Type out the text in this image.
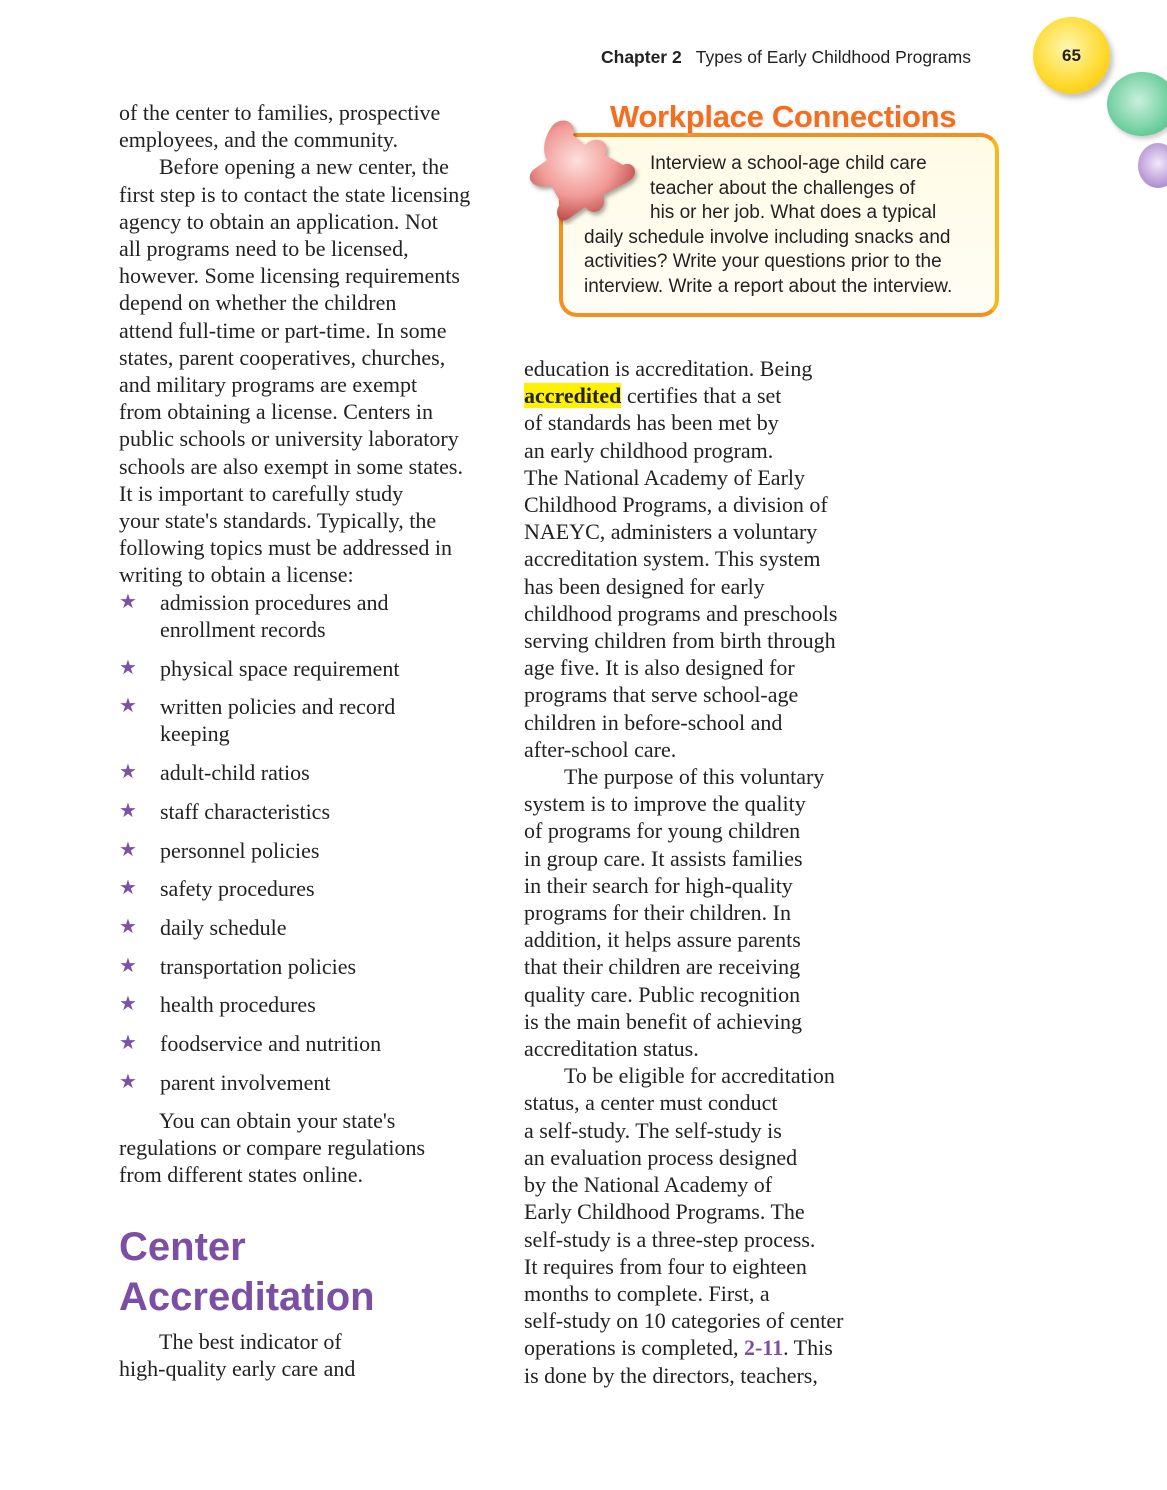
Chapter 2 Types of Early Childhood Programs	65
Workplace Connections
Interview a school-age child care
teacher about the challenges of
his or her job. What does a typical
daily schedule involve including snacks and
activities? Write your questions prior to the
interview. Write a report about the interview.
of the center to families, prospective
employees, and the community.
Before opening a new center, the
first step is to contact the state licensing
agency to obtain an application. Not
all programs need to be licensed,
however. Some licensing requirements
depend on whether the children
attend full-time or part-time. In some
states, parent cooperatives, churches,
and military programs are exempt
from obtaining a license. Centers in
public schools or university laboratory
schools are also exempt in some states.
It is important to carefully study
your state's standards. Typically, the
following topics must be addressed in
writing to obtain a license:
★ admission procedures and
enrollment records
★ physical space requirement
★ written policies and record
keeping
★ adult-child ratios
★ staff characteristics
★ personnel policies
★ safety procedures
★ daily schedule
★ transportation policies
★ health procedures
★ foodservice and nutrition
★ parent involvement
You can obtain your state's
regulations or compare regulations
from different states online.
Center
Accreditation
The best indicator of
high-quality early care and
education is accreditation. Being
accredited certifies that a set
of standards has been met by
an early childhood program.
The National Academy of Early
Childhood Programs, a division of
NAEYC, administers a voluntary
accreditation system. This system
has been designed for early
childhood programs and preschools
serving children from birth through
age five. It is also designed for
programs that serve school-age
children in before-school and
after-school care.
The purpose of this voluntary
system is to improve the quality
of programs for young children
in group care. It assists families
in their search for high-quality
programs for their children. In
addition, it helps assure parents
that their children are receiving
quality care. Public recognition
is the main benefit of achieving
accreditation status.
To be eligible for accreditation
status, a center must conduct
a self-study. The self-study is
an evaluation process designed
by the National Academy of
Early Childhood Programs. The
self-study is a three-step process.
It requires from four to eighteen
months to complete. First, a
self-study on 10 categories of center
operations is completed, 2-11. This
is done by the directors, teachers,
